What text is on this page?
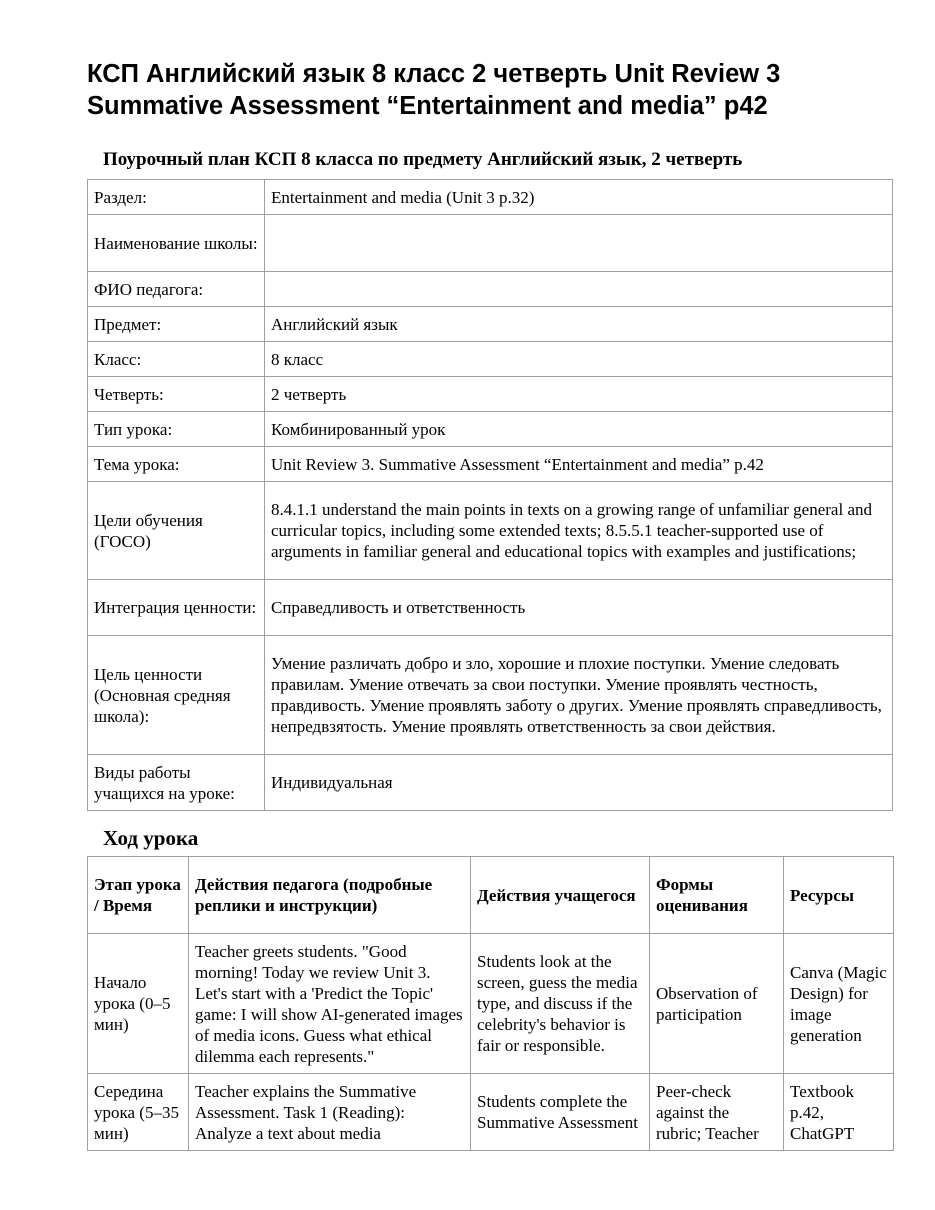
КСП Английский язык 8 класс 2 четверть Unit Review 3 Summative Assessment “Entertainment and media” p42
Поурочный план КСП 8 класса по предмету Английский язык, 2 четверть
Раздел:	Entertainment and media (Unit 3 p.32)
Наименование школы:	
ФИО педагога:	
Предмет:	Английский язык
Класс:	8 класс
Четверть:	2 четверть
Тип урока:	Комбинированный урок
Тема урока:	Unit Review 3. Summative Assessment “Entertainment and media” p.42
Цели обучения (ГОСО)	8.4.1.1 understand the main points in texts on a growing range of unfamiliar general and curricular topics, including some extended texts; 8.5.5.1 teacher-supported use of arguments in familiar general and educational topics with examples and justifications;
Интеграция ценности:	Справедливость и ответственность
Цель ценности (Основная средняя школа):	Умение различать добро и зло, хорошие и плохие поступки. Умение следовать правилам. Умение отвечать за свои поступки. Умение проявлять честность, правдивость. Умение проявлять заботу о других. Умение проявлять справедливость, непредвзятость. Умение проявлять ответственность за свои действия.
Виды работы учащихся на уроке:	Индивидуальная
Ход урока
Этап урока / Время	Действия педагога (подробные реплики и инструкции)	Действия учащегося	Формы оценивания	Ресурсы
Начало урока (0–5 мин)	Teacher greets students. "Good morning! Today we review Unit 3. Let's start with a 'Predict the Topic' game: I will show AI-generated images of media icons. Guess what ethical dilemma each represents."	Students look at the screen, guess the media type, and discuss if the celebrity's behavior is fair or responsible.	Observation of participation	Canva (Magic Design) for image generation
Середина урока (5–35 мин)	Teacher explains the Summative Assessment. Task 1 (Reading): Analyze a text about media	Students complete the Summative Assessment	Peer-check against the rubric; Teacher	Textbook p.42, ChatGPT
